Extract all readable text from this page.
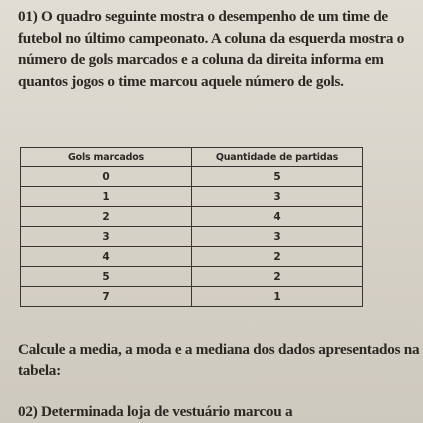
01) O quadro seguinte mostra o desempenho de um time de futebol no último campeonato. A coluna da esquerda mostra o número de gols marcados e a coluna da direita informa em quantos jogos o time marcou aquele número de gols.

Gols marcados	Quantidade de partidas
0	5
1	3
2	4
3	3
4	2
5	2
7	1

Calcule a media, a moda e a mediana dos dados apresentados na tabela:

02) Determinada loja de vestuário marcou a
